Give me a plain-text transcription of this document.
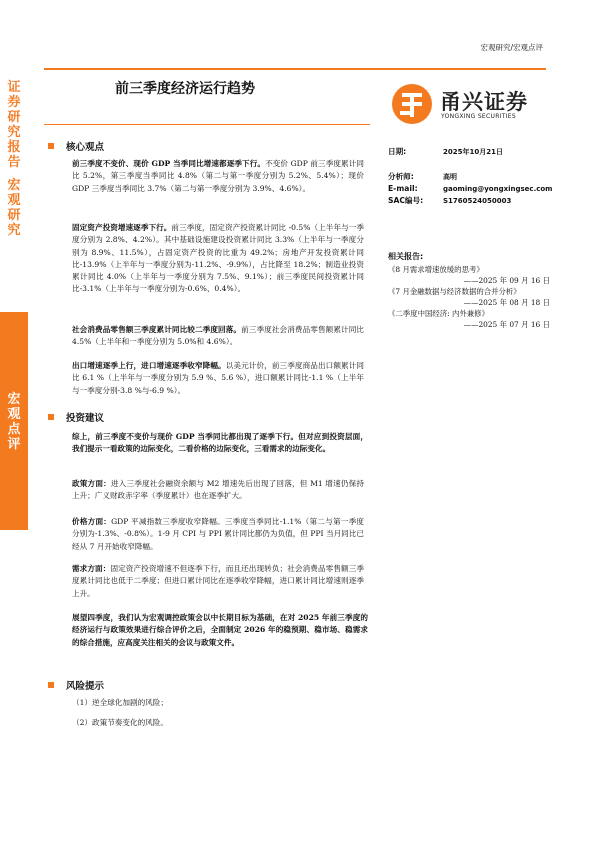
证券研究报告
宏观研究
宏观点评
宏观研究/宏观点评
前三季度经济运行趋势
甬兴证券
YONGXING SECURITIES
日期:	2025年10月21日
分析师:	高明
E-mail:	gaoming@yongxingsec.com
SAC编号:	S1760524050003
相关报告:
《8 月需求增速放缓的思考》
——2025 年 09 月 16 日
《7 月金融数据与经济数据的合并分析》
——2025 年 08 月 18 日
《二季度中国经济: 内外兼修》
——2025 年 07 月 16 日
核心观点
前三季度不变价、现价 GDP 当季同比增速都逐季下行。不变价 GDP 前三季度累计同比 5.2%，第三季度当季同比 4.8%（第二与第一季度分别为 5.2%、5.4%）；现价 GDP 三季度当季同比 3.7%（第二与第一季度分别为 3.9%、4.6%）。
固定资产投资增速逐季下行。前三季度，固定资产投资累计同比 -0.5%（上半年与一季度分别为 2.8%、4.2%）。其中基础设施建设投资累计同比 3.3%（上半年与一季度分别为 8.9%、11.5%），占固定资产投资的比重为 49.2%；房地产开发投资累计同比-13.9%（上半年与一季度分别为-11.2%、-9.9%），占比降至 18.2%；制造业投资累计同比 4.0%（上半年与一季度分别为 7.5%、9.1%）；前三季度民间投资累计同比-3.1%（上半年与一季度分别为-0.6%、0.4%）。
社会消费品零售额三季度累计同比较二季度回落。前三季度社会消费品零售额累计同比 4.5%（上半年和一季度分别为 5.0%和 4.6%）。
出口增速逐季上行，进口增速逐季收窄降幅。以美元计价，前三季度商品出口额累计同比 6.1 %（上半年与一季度分别为 5.9 %、5.6 %），进口额累计同比-1.1 %（上半年与一季度分别-3.8 %与-6.9 %）。
投资建议
综上，前三季度不变价与现价 GDP 当季同比都出现了逐季下行。但对应到投资层面，我们提示一看政策的边际变化，二看价格的边际变化，三看需求的边际变化。
政策方面：进入三季度社会融资余额与 M2 增速先后出现了回落，但 M1 增速仍保持上升；广义财政赤字率（季度累计）也在逐季扩大。
价格方面：GDP 平减指数三季度收窄降幅。三季度当季同比-1.1%（第二与第一季度分别为-1.3%、-0.8%）。1-9 月 CPI 与 PPI 累计同比都仍为负值，但 PPI 当月同比已经从 7 月开始收窄降幅。
需求方面：固定资产投资增速不但逐季下行，而且还出现转负；社会消费品零售额三季度累计同比也低于二季度；但进口累计同比在逐季收窄降幅，进口累计同比增速则逐季上升。
展望四季度，我们认为宏观调控政策会以中长期目标为基础，在对 2025 年前三季度的经济运行与政策效果进行综合评价之后，全面制定 2026 年的稳预期、稳市场、稳需求的综合措施，应高度关注相关的会议与政策文件。
风险提示
（1）逆全球化加剧的风险；
（2）政策节奏变化的风险。
